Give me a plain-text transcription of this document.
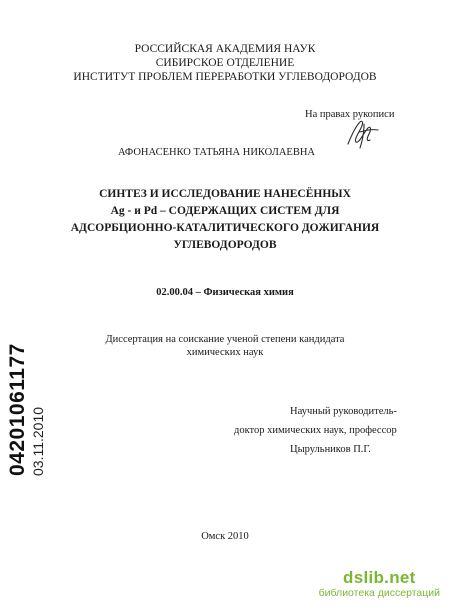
РОССИЙСКАЯ АКАДЕМИЯ НАУК
СИБИРСКОЕ ОТДЕЛЕНИЕ
ИНСТИТУТ ПРОБЛЕМ ПЕРЕРАБОТКИ УГЛЕВОДОРОДОВ
На правах рукописи
АФОНАСЕНКО ТАТЬЯНА НИКОЛАЕВНА
СИНТЕЗ И ИССЛЕДОВАНИЕ НАНЕСЁННЫХ
Ag - и Pd – СОДЕРЖАЩИХ СИСТЕМ ДЛЯ
АДСОРБЦИОННО-КАТАЛИТИЧЕСКОГО ДОЖИГАНИЯ
УГЛЕВОДОРОДОВ
02.00.04 – Физическая химия
Диссертация на соискание ученой степени кандидата
химических наук
Научный руководитель-
доктор химических наук, профессор
Цырульников П.Г.
Омск 2010
04201061177 03.11.2010
dslib.net
библиотека диссертаций
